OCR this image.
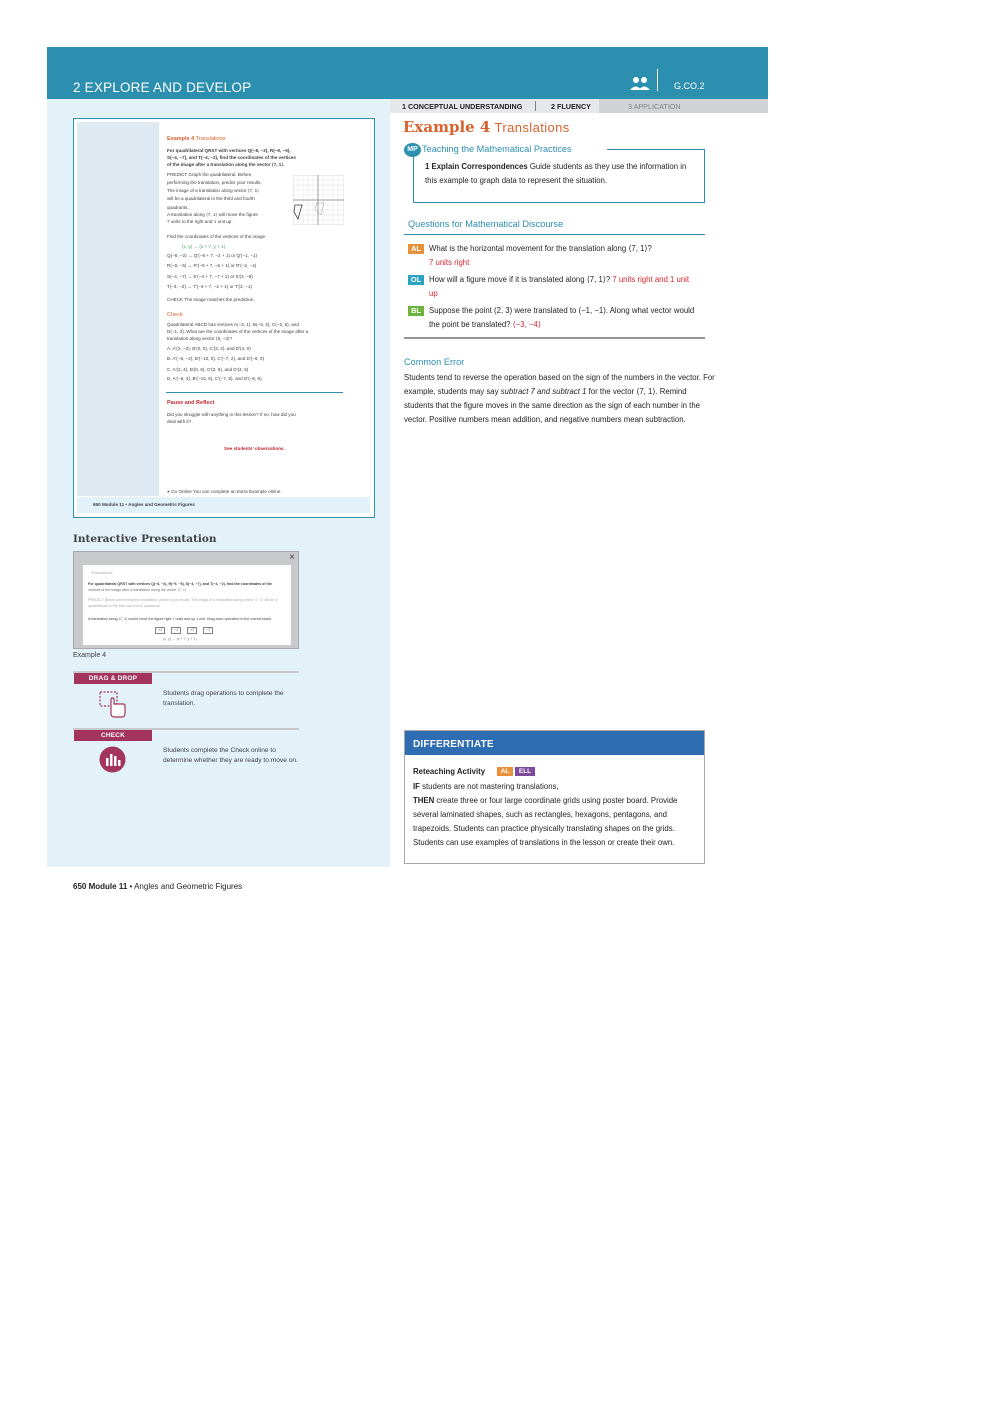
2 EXPLORE AND DEVELOP	G.CO.2
1 CONCEPTUAL UNDERSTANDING	2 FLUENCY	3 APPLICATION
Example 4 Translations
For quadrilateral QRST with vertices Q(−8, −2), R(−9, −5),
S(−4, −7), and T(−4, −2), find the coordinates of the vertices
of the image after a translation along the vector ⟨7, 1⟩.
PREDICT Graph the quadrilateral. Before
performing the translation, predict your results.
The image of a translation along vector ⟨7, 1⟩
will be a quadrilateral in the third and fourth
quadrants.
A translation along ⟨7, 1⟩ will move the figure
7 units to the right and 1 unit up.
Find the coordinates of the vertices of the image.
(x, y) → (x + 7, y + 1)
Q(−8, −2) → Q′(−8 + 7, −2 + 1) or Q′(−1, −1)
R(−9, −5) → R′(−9 + 7, −5 + 1) or R′(−2, −4)
S(−4, −7) → S′(−4 + 7, −7 + 1) or S′(3, −6)
T(−4, −2) → T′(−4 + 7, −2 + 1) or T′(3, −1)
CHECK The image matches the prediction.
Check
Quadrilateral ABCD has vertices A(−3, 1), B(−5, 3), C(−2, 5), and
D(−1, 3). What are the coordinates of the vertices of the image after a
translation along vector ⟨5, −3⟩?
A. A′(2, −2), B′(0, 0), C′(3, 2), and D′(4, 0)
B. A′(−8, −2), B′(−10, 0), C′(−7, 2), and D′(−6, 0)
C. A′(2, 4), B′(0, 6), C′(3, 8), and D′(4, 6)
D. A′(−8, 4), B′(−10, 6), C′(−7, 8), and D′(−6, 6)
Pause and Reflect
Did you struggle with anything in this lesson? If so, how did you
deal with it?
See students’ observations.
● Go Online You can complete an Extra Example online.
650 Module 11 • Angles and Geometric Figures
Interactive Presentation
×
Translations
For quadrilateral QRST with vertices Q(−8, −2), R(−9, −5), S(−4, −7), and T(−4, −2), find the coordinates of the
vertices of the image after a translation along the vector ⟨7, 1⟩.
PREDICT Before performing the translation, predict your results. The image of a translation along vector ⟨7, 1⟩ will be a
quadrilateral in the third and fourth quadrants.
A translation along ⟨7, 1⟩ would move the figure right 7 units and up 1 unit. Drag each operation to the correct blank.
+1	−1	+7	−7
(x, y) → (x + 7, y + 1)
Example 4
DRAG & DROP
Students drag operations to complete the translation.
CHECK
Students complete the Check online to determine whether they are ready to move on.
Example 4 Translations
MP Teaching the Mathematical Practices
1 Explain Correspondences Guide students as they use the information in this example to graph data to represent the situation.
Questions for Mathematical Discourse
AL	What is the horizontal movement for the translation along ⟨7, 1⟩?
7 units right
OL How will a figure move if it is translated along ⟨7, 1⟩? 7 units right and 1 unit up
BL	Suppose the point (2, 3) were translated to (−1, −1). Along what vector would the point be translated? ⟨−3, −4⟩
Common Error
Students tend to reverse the operation based on the sign of the numbers in the vector. For example, students may say subtract 7 and subtract 1 for the vector ⟨7, 1⟩. Remind students that the figure moves in the same direction as the sign of each number in the vector. Positive numbers mean addition, and negative numbers mean subtraction.
DIFFERENTIATE
Reteaching Activity	AL	ELL
IF students are not mastering translations,
THEN create three or four large coordinate grids using poster board. Provide several laminated shapes, such as rectangles, hexagons, pentagons, and trapezoids. Students can practice physically translating shapes on the grids. Students can use examples of translations in the lesson or create their own.
650 Module 11 • Angles and Geometric Figures
